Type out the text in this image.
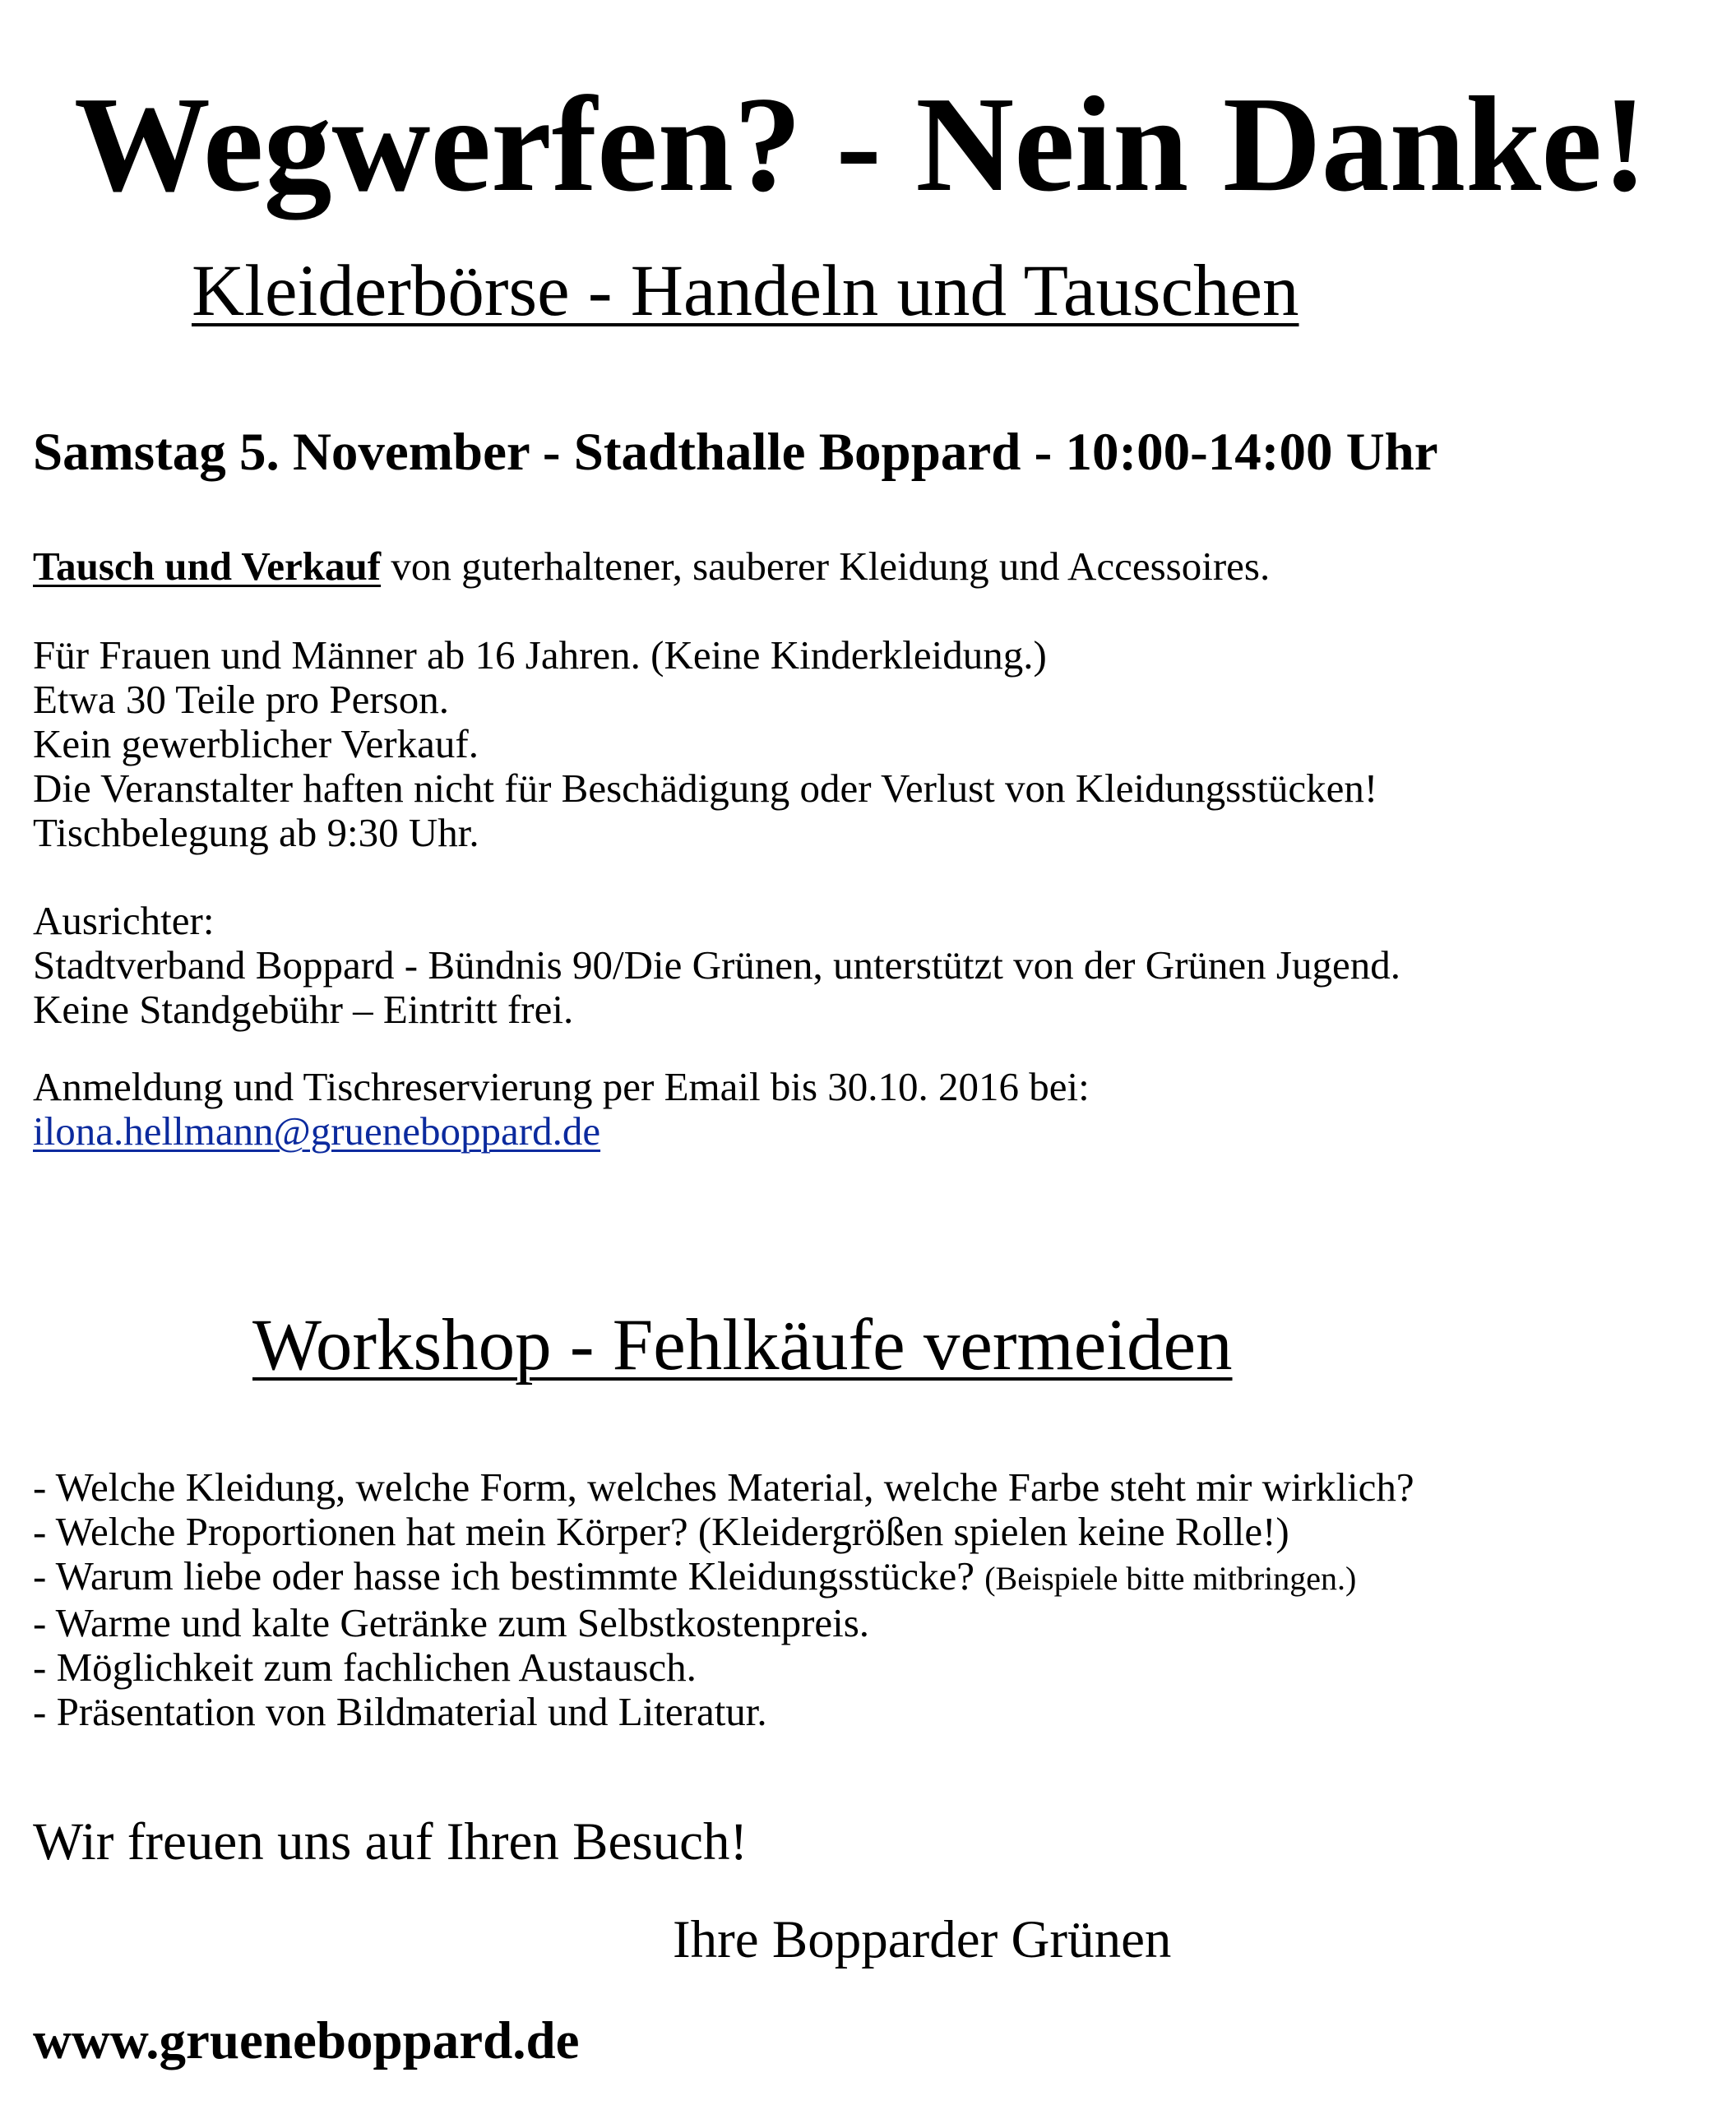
Wegwerfen? - Nein Danke!
Kleiderbörse - Handeln und Tauschen
Samstag 5. November - Stadthalle Boppard - 10:00-14:00 Uhr
Tausch und Verkauf von guterhaltener, sauberer Kleidung und Accessoires.
Für Frauen und Männer ab 16 Jahren. (Keine Kinderkleidung.)
Etwa 30 Teile pro Person.
Kein gewerblicher Verkauf.
Die Veranstalter haften nicht für Beschädigung oder Verlust von Kleidungsstücken!
Tischbelegung ab 9:30 Uhr.
Ausrichter:
Stadtverband Boppard - Bündnis 90/Die Grünen, unterstützt von der Grünen Jugend.
Keine Standgebühr – Eintritt frei.
Anmeldung und Tischreservierung per Email bis 30.10. 2016 bei:
ilona.hellmann@grueneboppard.de
Workshop - Fehlkäufe vermeiden
- Welche Kleidung, welche Form, welches Material, welche Farbe steht mir wirklich?
- Welche Proportionen hat mein Körper? (Kleidergrößen spielen keine Rolle!)
- Warum liebe oder hasse ich bestimmte Kleidungsstücke? (Beispiele bitte mitbringen.)
- Warme und kalte Getränke zum Selbstkostenpreis.
- Möglichkeit zum fachlichen Austausch.
- Präsentation von Bildmaterial und Literatur.
Wir freuen uns auf Ihren Besuch!
Ihre Bopparder Grünen
www.grueneboppard.de
